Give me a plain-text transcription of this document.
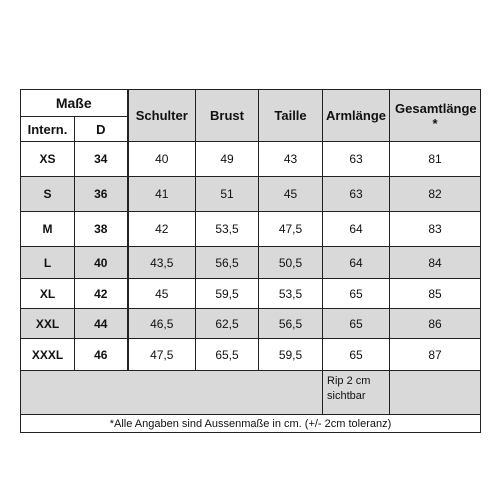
Maße		Schulter	Brust	Taille	Armlänge	Gesamtlänge *
Intern.	D					
XS	34	40	49	43	63	81
S	36	41	51	45	63	82
M	38	42	53,5	47,5	64	83
L	40	43,5	56,5	50,5	64	84
XL	42	45	59,5	53,5	65	85
XXL	44	46,5	62,5	56,5	65	86
XXXL	46	47,5	65,5	59,5	65	87
					Rip 2 cm sichtbar	
*Alle Angaben sind Aussenmaße in cm. (+/- 2cm toleranz)						
